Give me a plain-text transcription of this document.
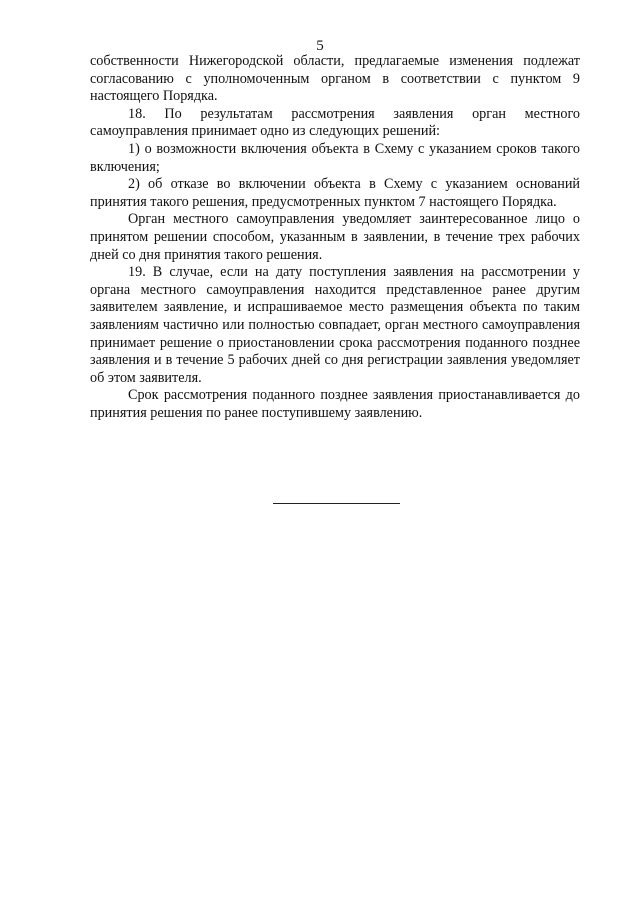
5

собственности Нижегородской области, предлагаемые изменения подлежат согласованию с уполномоченным органом в соответствии с пунктом 9 настоящего Порядка.

18. По результатам рассмотрения заявления орган местного самоуправления принимает одно из следующих решений:

1) о возможности включения объекта в Схему с указанием сроков такого включения;

2) об отказе во включении объекта в Схему с указанием оснований принятия такого решения, предусмотренных пунктом 7 настоящего Порядка.

Орган местного самоуправления уведомляет заинтересованное лицо о принятом решении способом, указанным в заявлении, в течение трех рабочих дней со дня принятия такого решения.

19. В случае, если на дату поступления заявления на рассмотрении у органа местного самоуправления находится представленное ранее другим заявителем заявление, и испрашиваемое место размещения объекта по таким заявлениям частично или полностью совпадает, орган местного самоуправления принимает решение о приостановлении срока рассмотрения поданного позднее заявления и в течение 5 рабочих дней со дня регистрации заявления уведомляет об этом заявителя.

Срок рассмотрения поданного позднее заявления приостанавливается до принятия решения по ранее поступившему заявлению.
